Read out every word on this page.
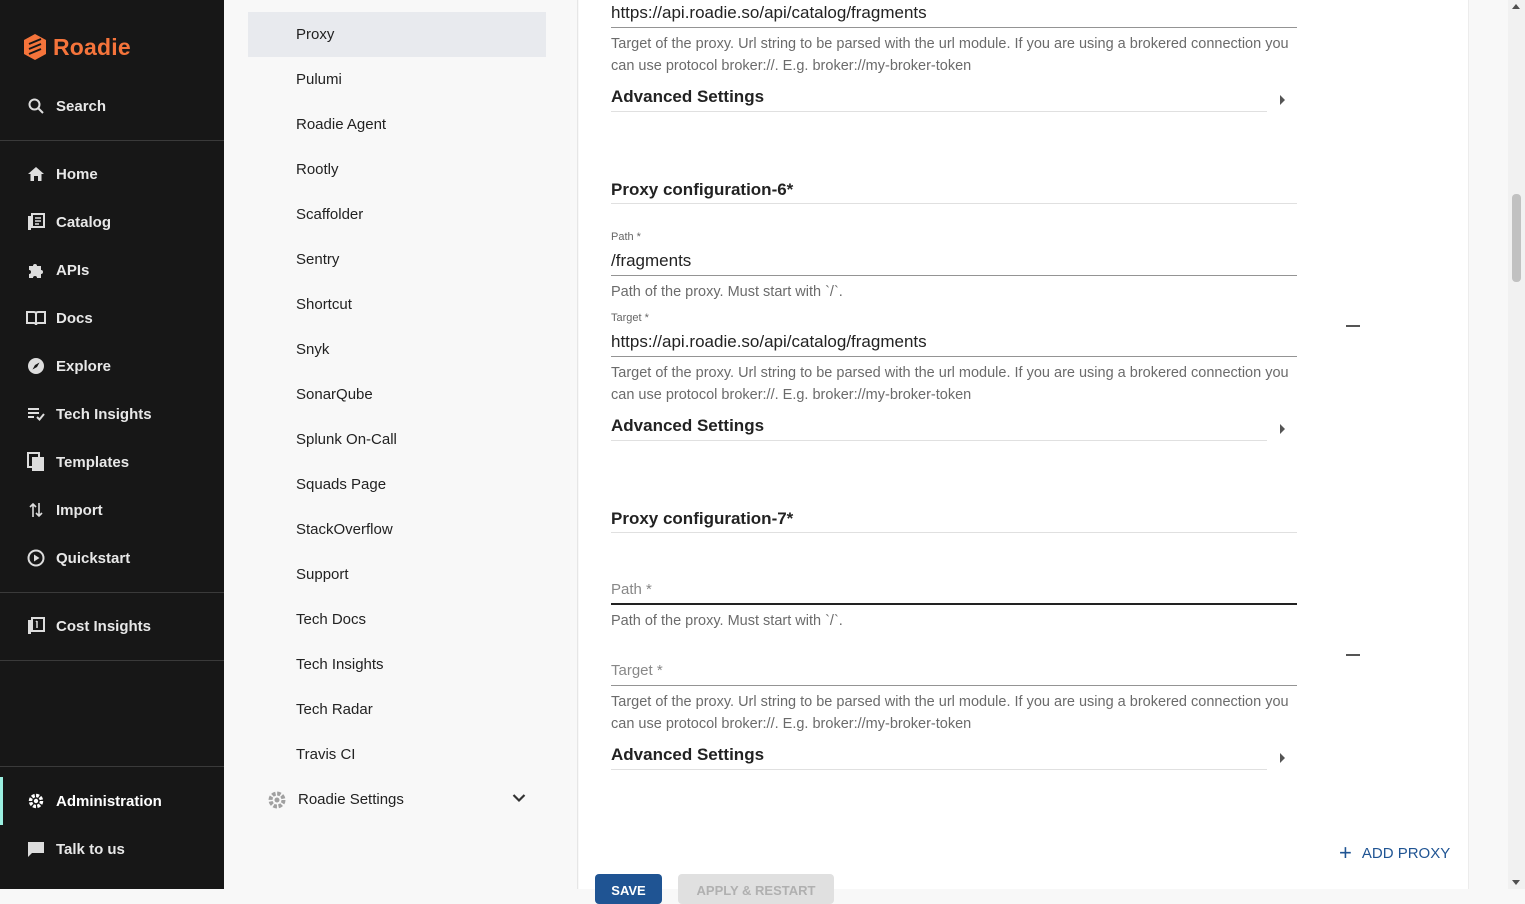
Roadie
Search
Home
Catalog
APIs
Docs
Explore
Tech Insights
Templates
Import
Quickstart
Cost Insights
Administration
Talk to us
Proxy
Pulumi
Roadie Agent
Rootly
Scaffolder
Sentry
Shortcut
Snyk
SonarQube
Splunk On-Call
Squads Page
StackOverflow
Support
Tech Docs
Tech Insights
Tech Radar
Travis CI
Roadie Settings
https://api.roadie.so/api/catalog/fragments
Target of the proxy. Url string to be parsed with the url module. If you are using a brokered connection you
can use protocol broker://. E.g. broker://my-broker-token
Advanced Settings
Proxy configuration-6*
Path *
/fragments
Path of the proxy. Must start with `/`.
Target *
https://api.roadie.so/api/catalog/fragments
Target of the proxy. Url string to be parsed with the url module. If you are using a brokered connection you
can use protocol broker://. E.g. broker://my-broker-token
Advanced Settings
Proxy configuration-7*
Path *
Path of the proxy. Must start with `/`.
Target *
Target of the proxy. Url string to be parsed with the url module. If you are using a brokered connection you
can use protocol broker://. E.g. broker://my-broker-token
Advanced Settings
+ ADD PROXY
SAVE	APPLY & RESTART
